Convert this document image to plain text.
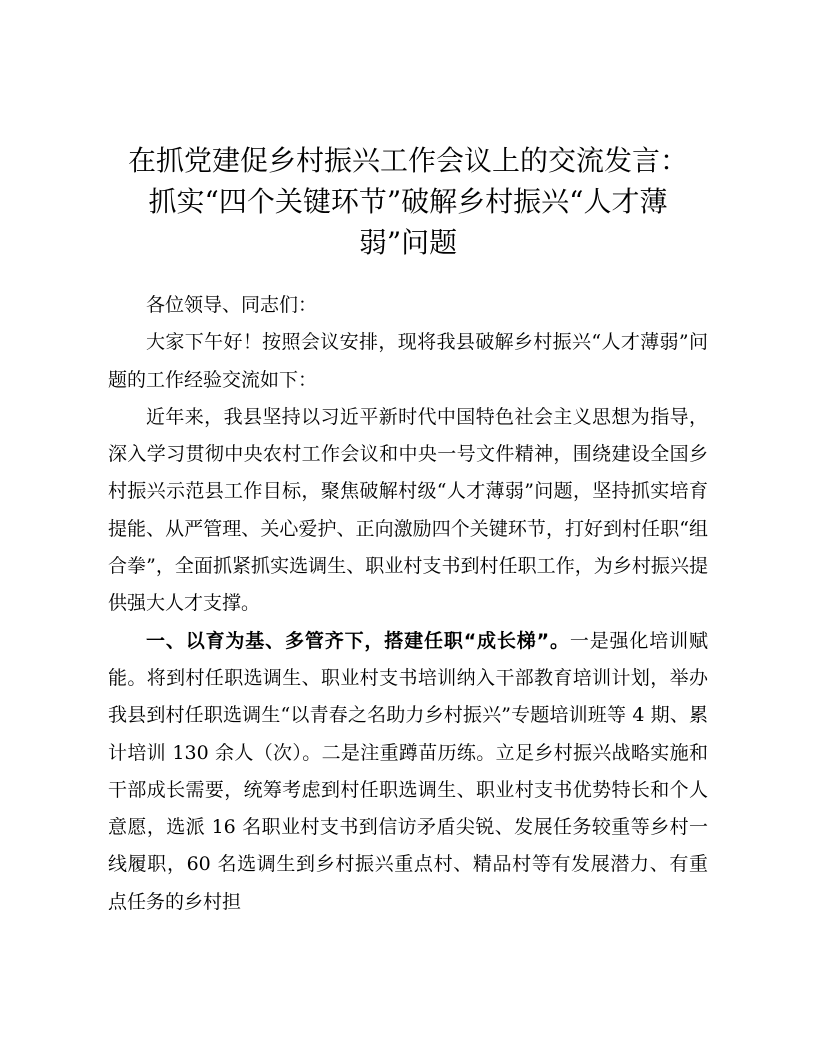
在抓党建促乡村振兴工作会议上的交流发言：
抓实“四个关键环节”破解乡村振兴“人才薄
弱”问题

各位领导、同志们：

大家下午好！按照会议安排，现将我县破解乡村振兴“人才薄弱”问题的工作经验交流如下：

近年来，我县坚持以习近平新时代中国特色社会主义思想为指导，深入学习贯彻中央农村工作会议和中央一号文件精神，围绕建设全国乡村振兴示范县工作目标，聚焦破解村级“人才薄弱”问题，坚持抓实培育提能、从严管理、关心爱护、正向激励四个关键环节，打好到村任职“组合拳”，全面抓紧抓实选调生、职业村支书到村任职工作，为乡村振兴提供强大人才支撑。

一、以育为基、多管齐下，搭建任职“成长梯”。一是强化培训赋能。将到村任职选调生、职业村支书培训纳入干部教育培训计划，举办我县到村任职选调生“以青春之名助力乡村振兴”专题培训班等 4 期、累计培训 130 余人（次）。二是注重蹲苗历练。立足乡村振兴战略实施和干部成长需要，统筹考虑到村任职选调生、职业村支书优势特长和个人意愿，选派 16 名职业村支书到信访矛盾尖锐、发展任务较重等乡村一线履职，60 名选调生到乡村振兴重点村、精品村等有发展潜力、有重点任务的乡村担
